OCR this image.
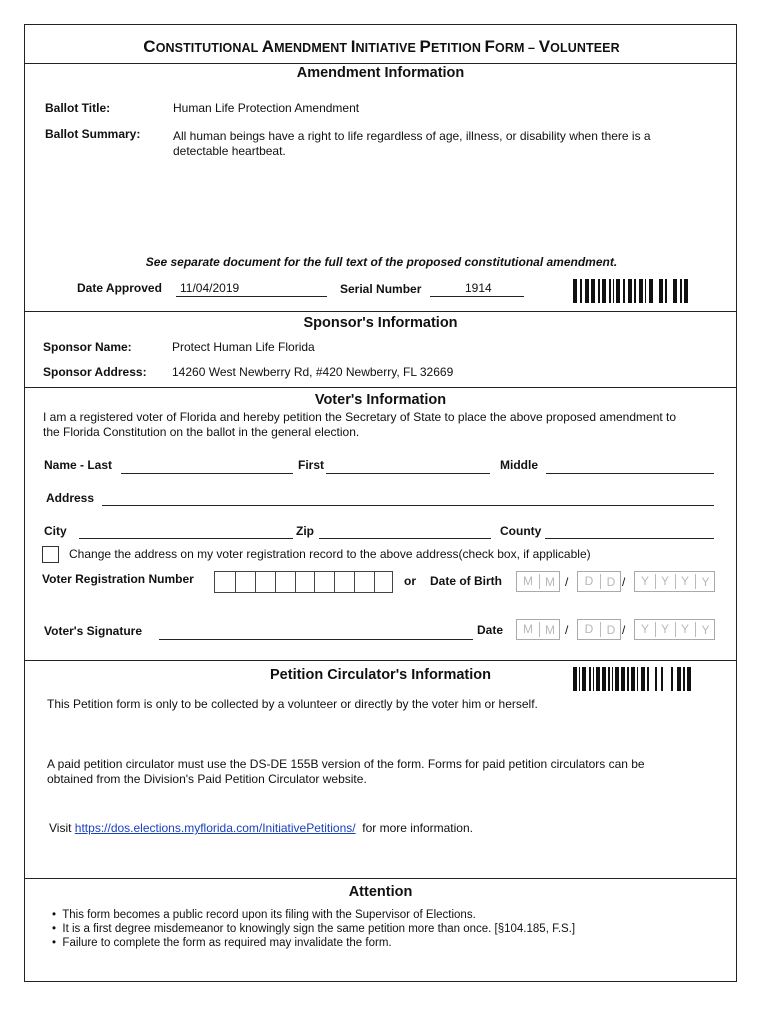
CONSTITUTIONAL AMENDMENT INITIATIVE PETITION FORM – VOLUNTEER
Amendment Information
Ballot Title:	Human Life Protection Amendment
Ballot Summary:	All human beings have a right to life regardless of age, illness, or disability when there is a
detectable heartbeat.
See separate document for the full text of the proposed constitutional amendment.
Date Approved 11/04/2019	Serial Number	1914
Sponsor's Information
Sponsor Name:	Protect Human Life Florida
Sponsor Address: 14260 West Newberry Rd, #420 Newberry, FL 32669
Voter's Information
I am a registered voter of Florida and hereby petition the Secretary of State to place the above proposed amendment to
the Florida Constitution on the ballot in the general election.
Name - Last	First	Middle
Address
City	Zip	County
Change the address on my voter registration record to the above address(check box, if applicable)
Voter Registration Number	or Date of Birth	M	M /	D	D /	Y Y Y	Y
Voter's Signature	Date	M	M /	D	D /	Y Y Y	Y
Petition Circulator's Information
This Petition form is only to be collected by a volunteer or directly by the voter him or herself.
A paid petition circulator must use the DS-DE 155B version of the form. Forms for paid petition circulators can be
obtained from the Division's Paid Petition Circulator website.
Visit https://dos.elections.myflorida.com/InitiativePetitions/  for more information.
Attention
• This form becomes a public record upon its filing with the Supervisor of Elections.
• It is a first degree misdemeanor to knowingly sign the same petition more than once. [§104.185, F.S.]
• Failure to complete the form as required may invalidate the form.
